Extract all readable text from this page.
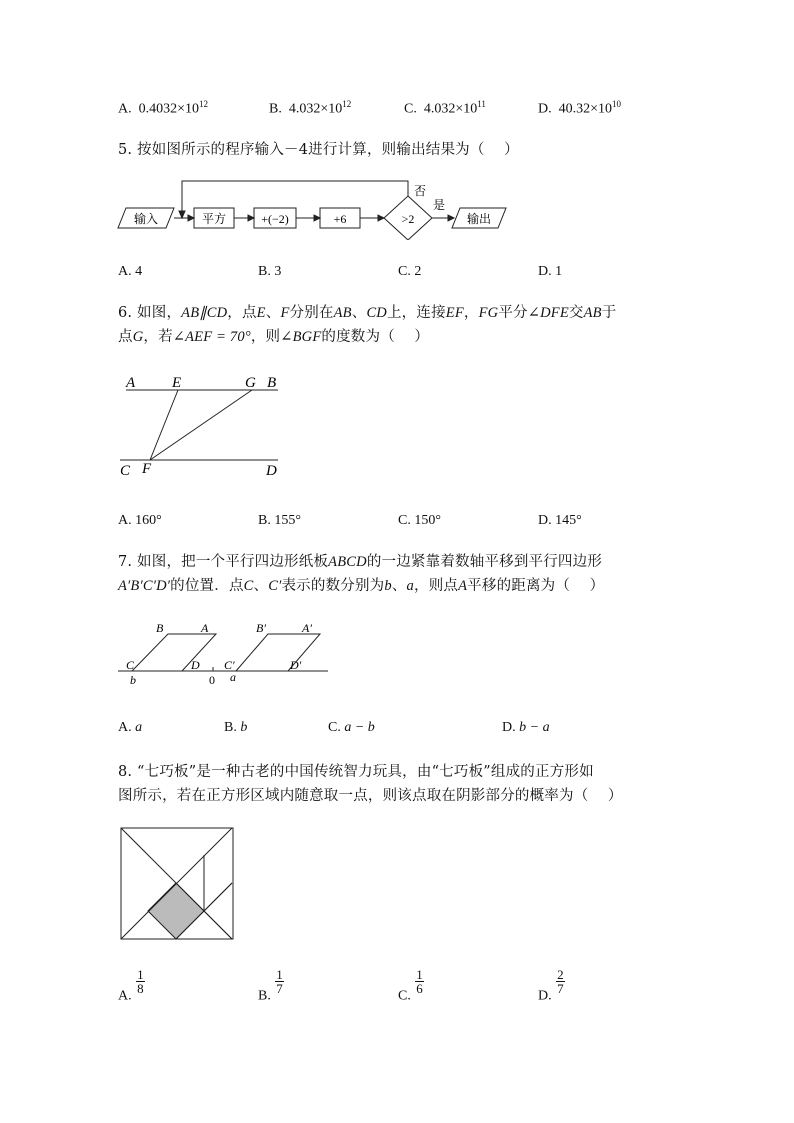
A. $0.4032\times 10^{12}$	B. $4.032\times 10^{12}$	C. $4.032\times 10^{11}$	D. $40.32\times 10^{10}$
5. 按如图所示的程序输入－4进行计算，则输出结果为（　 ）
输入	平方	+(−2)	+6	>2	输出
否
是
A. 4	B. 3	C. 2	D. 1
6. 如图，AB∥CD，点E、F分别在AB、CD上，连接EF，FG平分∠DFE交AB于
点G，若∠AEF = 70°，则∠BGF的度数为（　 ）
A E	G B
C F	D
A. 160°	B. 155°	C. 150°	D. 145°
7. 如图，把一个平行四边形纸板ABCD的一边紧靠着数轴平移到平行四边形
A′B′C′D′的位置．点C、C′表示的数分别为b、a，则点A平移的距离为（　 ）
B	A
C	D
b	0
B′	A′
C′	D′
a
A. a	B. b	C. a − b	D. b − a
8. “七巧板”是一种古老的中国传统智力玩具，由“七巧板”组成的正方形如
图所示，若在正方形区域内随意取一点，则该点取在阴影部分的概率为（　 ）
A.
$\frac{1}{8}$
B.
$\frac{1}{7}$
C.
$\frac{1}{6}$
D.
$\frac{2}{7}$
